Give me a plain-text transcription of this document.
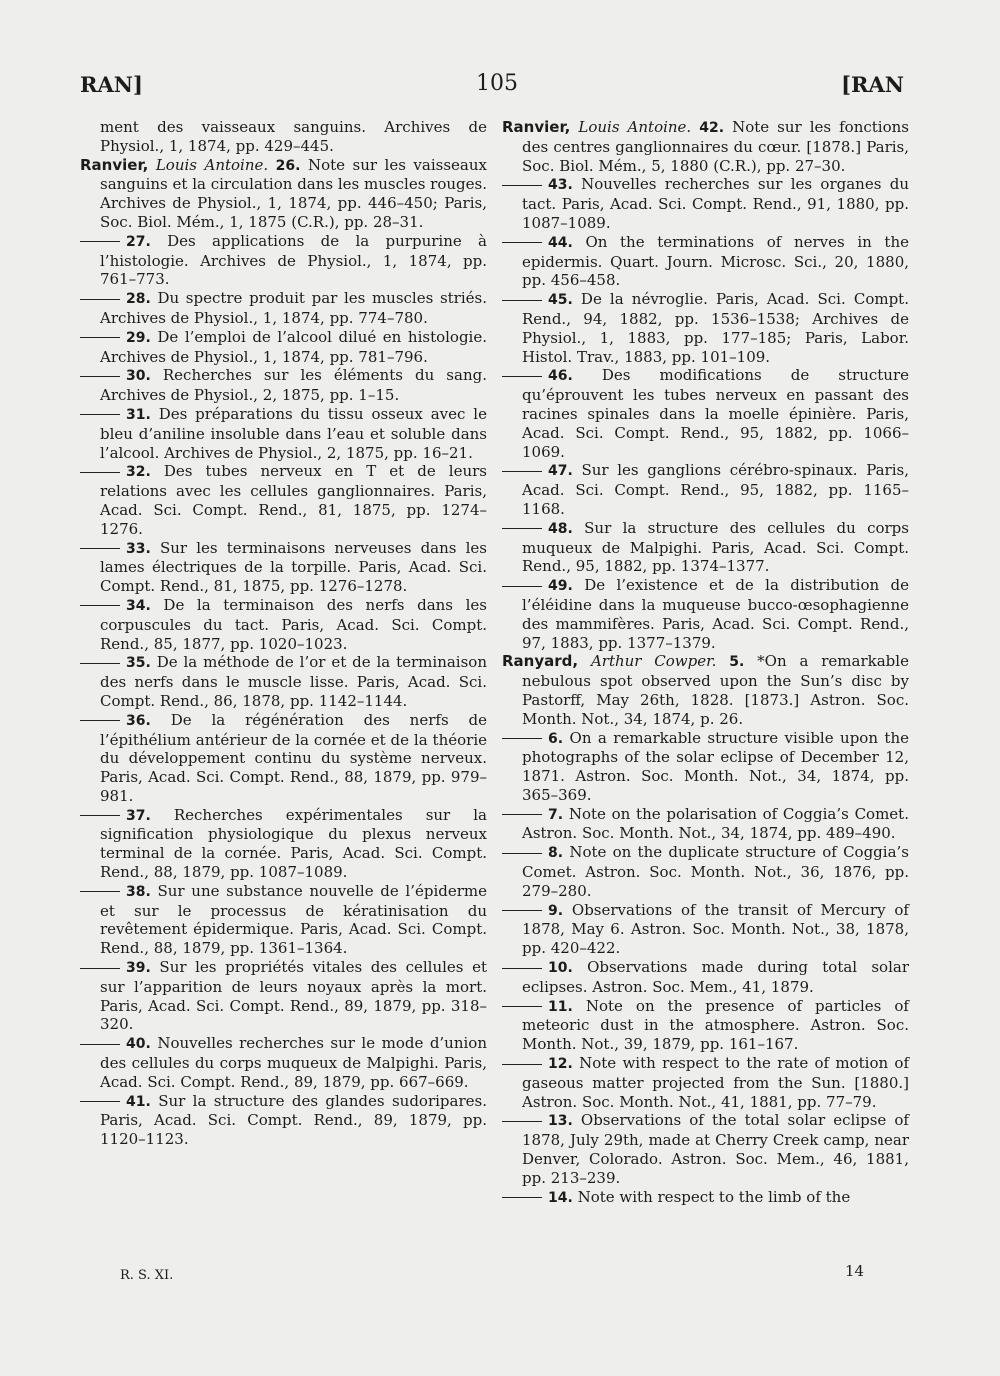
RAN]	105	[RAN

ment des vaisseaux sanguins. Archives de Physiol., 1, 1874, pp. 429–445.

Ranvier, Louis Antoine. 26. Note sur les vaisseaux sanguins et la circulation dans les muscles rouges. Archives de Physiol., 1, 1874, pp. 446–450; Paris, Soc. Biol. Mém., 1, 1875 (C.R.), pp. 28–31.

27. Des applications de la purpurine à l’histologie. Archives de Physiol., 1, 1874, pp. 761–773.

28. Du spectre produit par les muscles striés. Archives de Physiol., 1, 1874, pp. 774–780.

29. De l’emploi de l’alcool dilué en histologie. Archives de Physiol., 1, 1874, pp. 781–796.

30. Recherches sur les éléments du sang. Archives de Physiol., 2, 1875, pp. 1–15.

31. Des préparations du tissu osseux avec le bleu d’aniline insoluble dans l’eau et soluble dans l’alcool. Archives de Physiol., 2, 1875, pp. 16–21.

32. Des tubes nerveux en T et de leurs relations avec les cellules ganglionnaires. Paris, Acad. Sci. Compt. Rend., 81, 1875, pp. 1274–1276.

33. Sur les terminaisons nerveuses dans les lames électriques de la torpille. Paris, Acad. Sci. Compt. Rend., 81, 1875, pp. 1276–1278.

34. De la terminaison des nerfs dans les corpuscules du tact. Paris, Acad. Sci. Compt. Rend., 85, 1877, pp. 1020–1023.

35. De la méthode de l’or et de la terminaison des nerfs dans le muscle lisse. Paris, Acad. Sci. Compt. Rend., 86, 1878, pp. 1142–1144.

36. De la régénération des nerfs de l’épithélium antérieur de la cornée et de la théorie du développement continu du système nerveux. Paris, Acad. Sci. Compt. Rend., 88, 1879, pp. 979–981.

37. Recherches expérimentales sur la signification physiologique du plexus nerveux terminal de la cornée. Paris, Acad. Sci. Compt. Rend., 88, 1879, pp. 1087–1089.

38. Sur une substance nouvelle de l’épiderme et sur le processus de kératinisation du revêtement épidermique. Paris, Acad. Sci. Compt. Rend., 88, 1879, pp. 1361–1364.

39. Sur les propriétés vitales des cellules et sur l’apparition de leurs noyaux après la mort. Paris, Acad. Sci. Compt. Rend., 89, 1879, pp. 318–320.

40. Nouvelles recherches sur le mode d’union des cellules du corps muqueux de Malpighi. Paris, Acad. Sci. Compt. Rend., 89, 1879, pp. 667–669.

41. Sur la structure des glandes sudoripares. Paris, Acad. Sci. Compt. Rend., 89, 1879, pp. 1120–1123.

Ranvier, Louis Antoine. 42. Note sur les fonctions des centres ganglionnaires du cœur. [1878.] Paris, Soc. Biol. Mém., 5, 1880 (C.R.), pp. 27–30.

43. Nouvelles recherches sur les organes du tact. Paris, Acad. Sci. Compt. Rend., 91, 1880, pp. 1087–1089.

44. On the terminations of nerves in the epidermis. Quart. Journ. Microsc. Sci., 20, 1880, pp. 456–458.

45. De la névroglie. Paris, Acad. Sci. Compt. Rend., 94, 1882, pp. 1536–1538; Archives de Physiol., 1, 1883, pp. 177–185; Paris, Labor. Histol. Trav., 1883, pp. 101–109.

46. Des modifications de structure qu’éprouvent les tubes nerveux en passant des racines spinales dans la moelle épinière. Paris, Acad. Sci. Compt. Rend., 95, 1882, pp. 1066–1069.

47. Sur les ganglions cérébro-spinaux. Paris, Acad. Sci. Compt. Rend., 95, 1882, pp. 1165–1168.

48. Sur la structure des cellules du corps muqueux de Malpighi. Paris, Acad. Sci. Compt. Rend., 95, 1882, pp. 1374–1377.

49. De l’existence et de la distribution de l’éléidine dans la muqueuse bucco-œsophagienne des mammifères. Paris, Acad. Sci. Compt. Rend., 97, 1883, pp. 1377–1379.

Ranyard, Arthur Cowper. 5. *On a remarkable nebulous spot observed upon the Sun’s disc by Pastorff, May 26th, 1828. [1873.] Astron. Soc. Month. Not., 34, 1874, p. 26.

6. On a remarkable structure visible upon the photographs of the solar eclipse of December 12, 1871. Astron. Soc. Month. Not., 34, 1874, pp. 365–369.

7. Note on the polarisation of Coggia’s Comet. Astron. Soc. Month. Not., 34, 1874, pp. 489–490.

8. Note on the duplicate structure of Coggia’s Comet. Astron. Soc. Month. Not., 36, 1876, pp. 279–280.

9. Observations of the transit of Mercury of 1878, May 6. Astron. Soc. Month. Not., 38, 1878, pp. 420–422.

10. Observations made during total solar eclipses. Astron. Soc. Mem., 41, 1879.

11. Note on the presence of particles of meteoric dust in the atmosphere. Astron. Soc. Month. Not., 39, 1879, pp. 161–167.

12. Note with respect to the rate of motion of gaseous matter projected from the Sun. [1880.] Astron. Soc. Month. Not., 41, 1881, pp. 77–79.

13. Observations of the total solar eclipse of 1878, July 29th, made at Cherry Creek camp, near Denver, Colorado. Astron. Soc. Mem., 46, 1881, pp. 213–239.

14. Note with respect to the limb of the

R. S. XI.	14
